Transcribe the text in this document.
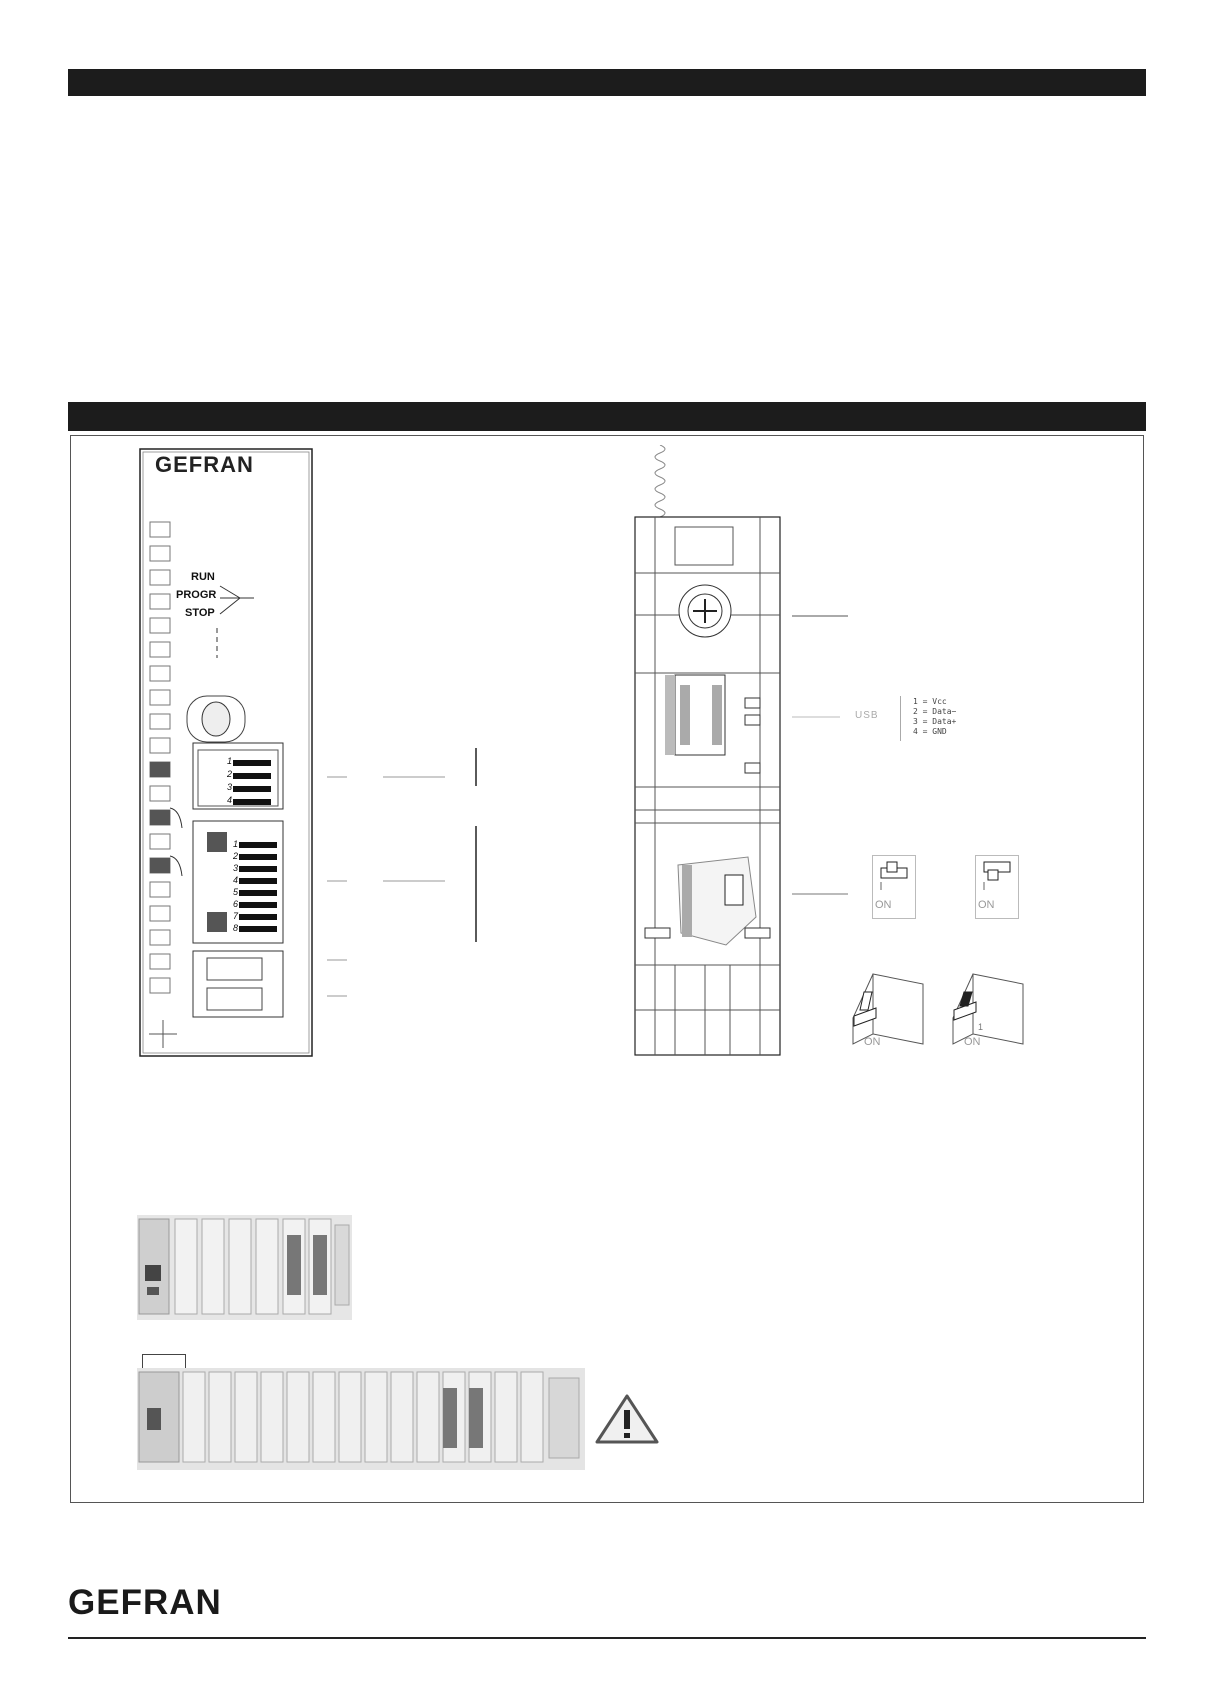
GEFRAN
RUN
PROGR
STOP
1
2
3
4
1
2
3
4
5
6
7
8
USB
1 = Vcc
2 = Data−
3 = Data+
4 = GND
ON	ON
ON
1
ON
GEFRAN
